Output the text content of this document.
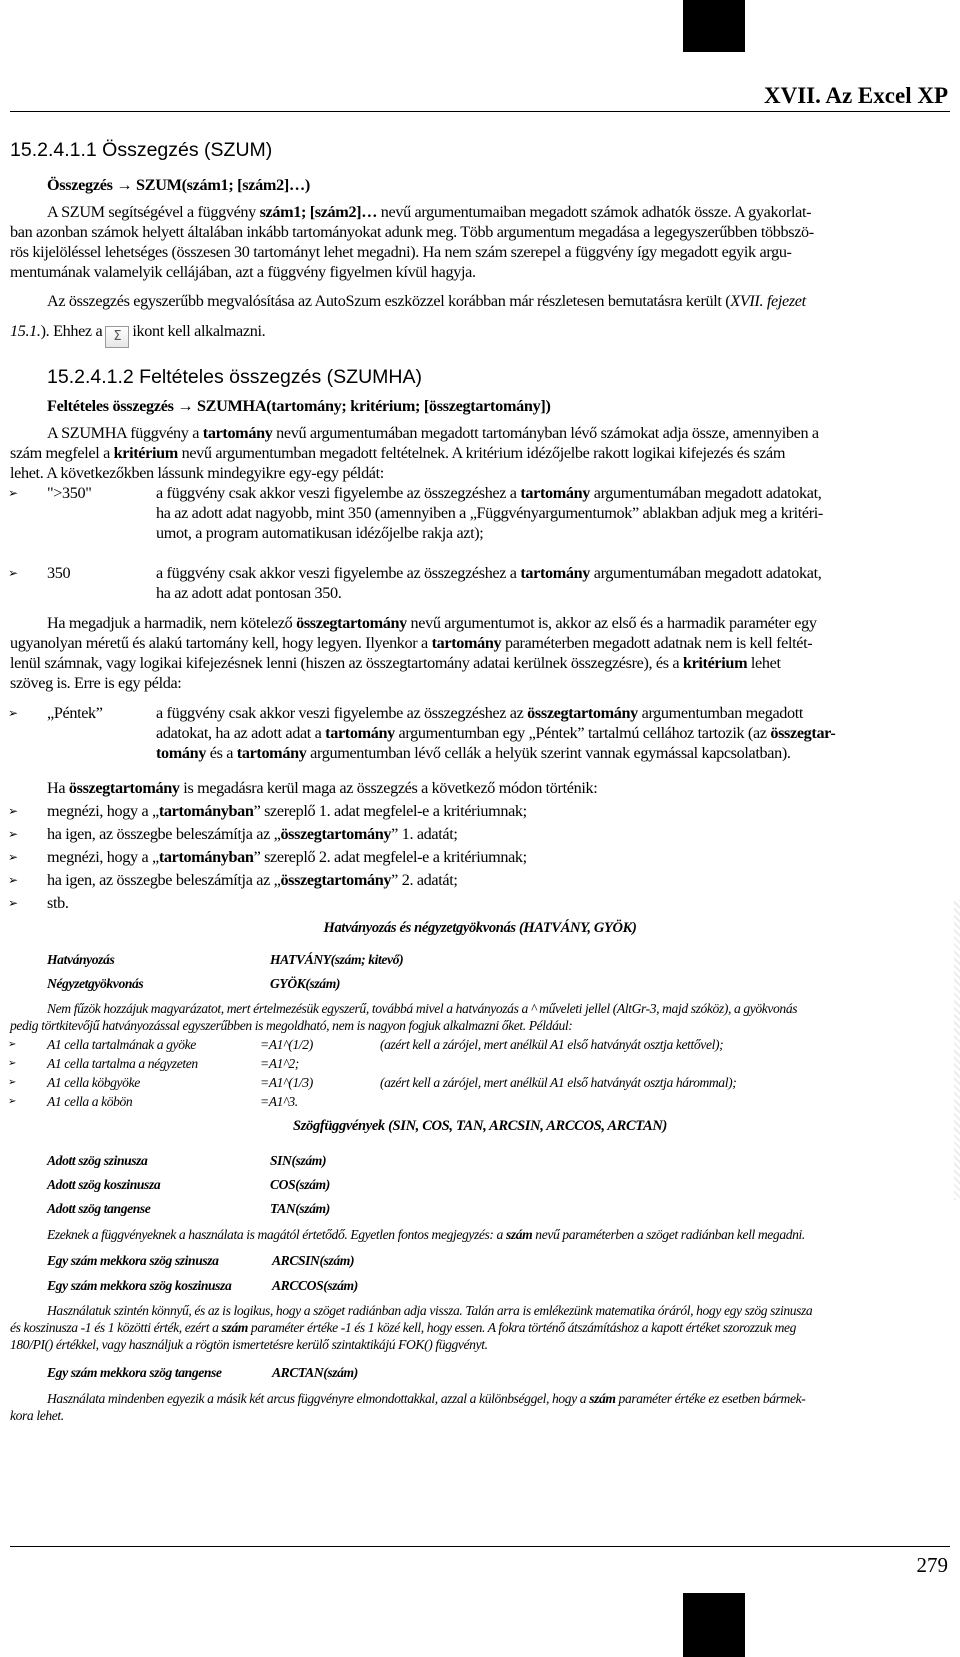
XVII. Az Excel XP
15.2.4.1.1 Összegzés (SZUM)
Összegzés → SZUM(szám1; [szám2]…)
A SZUM segítségével a függvény szám1; [szám2]… nevű argumentumaiban megadott számok adhatók össze. A gyakorlat-
ban azonban számok helyett általában inkább tartományokat adunk meg. Több argumentum megadása a legegyszerűbben többszö-
rös kijelöléssel lehetséges (összesen 30 tartományt lehet megadni). Ha nem szám szerepel a függvény így megadott egyik argu-
mentumának valamelyik cellájában, azt a függvény figyelmen kívül hagyja.
Az összegzés egyszerűbb megvalósítása az AutoSzum eszközzel korábban már részletesen bemutatásra került (XVII. fejezet
15.1.). Ehhez a Σ ikont kell alkalmazni.
15.2.4.1.2 Feltételes összegzés (SZUMHA)
Feltételes összegzés → SZUMHA(tartomány; kritérium; [összegtartomány])
A SZUMHA függvény a tartomány nevű argumentumában megadott tartományban lévő számokat adja össze, amennyiben a
szám megfelel a kritérium nevű argumentumban megadott feltételnek. A kritérium idézőjelbe rakott logikai kifejezés és szám
lehet. A következőkben lássunk mindegyikre egy-egy példát:
➢ ">350"	a függvény csak akkor veszi figyelembe az összegzéshez a tartomány argumentumában megadott adatokat,
ha az adott adat nagyobb, mint 350 (amennyiben a „Függvényargumentumok” ablakban adjuk meg a kritéri-
umot, a program automatikusan idézőjelbe rakja azt);
➢ 350	a függvény csak akkor veszi figyelembe az összegzéshez a tartomány argumentumában megadott adatokat,
ha az adott adat pontosan 350.
Ha megadjuk a harmadik, nem kötelező összegtartomány nevű argumentumot is, akkor az első és a harmadik paraméter egy
ugyanolyan méretű és alakú tartomány kell, hogy legyen. Ilyenkor a tartomány paraméterben megadott adatnak nem is kell feltét-
lenül számnak, vagy logikai kifejezésnek lenni (hiszen az összegtartomány adatai kerülnek összegzésre), és a kritérium lehet
szöveg is. Erre is egy példa:
➢ „Péntek”	a függvény csak akkor veszi figyelembe az összegzéshez az összegtartomány argumentumban megadott
adatokat, ha az adott adat a tartomány argumentumban egy „Péntek” tartalmú cellához tartozik (az összegtar-
tomány és a tartomány argumentumban lévő cellák a helyük szerint vannak egymással kapcsolatban).
Ha összegtartomány is megadásra kerül maga az összegzés a következő módon történik:
➢ megnézi, hogy a „tartományban” szereplő 1. adat megfelel-e a kritériumnak;
➢ ha igen, az összegbe beleszámítja az „összegtartomány” 1. adatát;
➢ megnézi, hogy a „tartományban” szereplő 2. adat megfelel-e a kritériumnak;
➢ ha igen, az összegbe beleszámítja az „összegtartomány” 2. adatát;
➢ stb.
Hatványozás és négyzetgyökvonás (HATVÁNY, GYÖK)
Hatványozás	HATVÁNY(szám; kitevő)
Négyzetgyökvonás	GYÖK(szám)
Nem fűzök hozzájuk magyarázatot, mert értelmezésük egyszerű, továbbá mivel a hatványozás a ^ műveleti jellel (AltGr-3, majd szóköz), a gyökvonás
pedig törtkitevőjű hatványozással egyszerűbben is megoldható, nem is nagyon fogjuk alkalmazni őket. Például:
➢ A1 cella tartalmának a gyöke	=A1^(1/2)	(azért kell a zárójel, mert anélkül A1 első hatványát osztja kettővel);
➢ A1 cella tartalma a négyzeten	=A1^2;
➢ A1 cella köbgyöke	=A1^(1/3)	(azért kell a zárójel, mert anélkül A1 első hatványát osztja hárommal);
➢ A1 cella a köbön	=A1^3.
Szögfüggvények (SIN, COS, TAN, ARCSIN, ARCCOS, ARCTAN)
Adott szög szinusza	SIN(szám)
Adott szög koszinusza	COS(szám)
Adott szög tangense	TAN(szám)
Ezeknek a függvényeknek a használata is magától értetődő. Egyetlen fontos megjegyzés: a szám nevű paraméterben a szöget radiánban kell megadni.
Egy szám mekkora szög szinusza	ARCSIN(szám)
Egy szám mekkora szög koszinusza	ARCCOS(szám)
Használatuk szintén könnyű, és az is logikus, hogy a szöget radiánban adja vissza. Talán arra is emlékezünk matematika óráról, hogy egy szög szinusza
és koszinusza -1 és 1 közötti érték, ezért a szám paraméter értéke -1 és 1 közé kell, hogy essen. A fokra történő átszámításhoz a kapott értéket szorozzuk meg
180/PI() értékkel, vagy használjuk a rögtön ismertetésre kerülő szintaktikájú FOK() függvényt.
Egy szám mekkora szög tangense	ARCTAN(szám)
Használata mindenben egyezik a másik két arcus függvényre elmondottakkal, azzal a különbséggel, hogy a szám paraméter értéke ez esetben bármek-
kora lehet.
279
